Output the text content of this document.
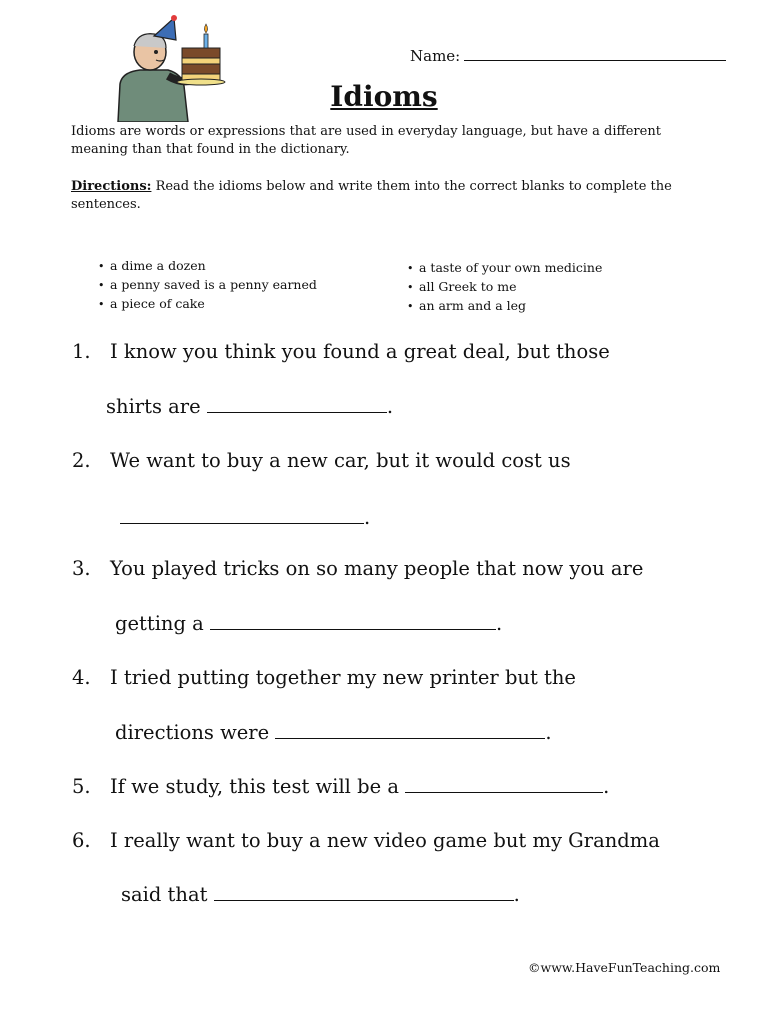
Name:
Idioms
Idioms are words or expressions that are used in everyday language, but have a different meaning than that found in the dictionary.
Directions: Read the idioms below and write them into the correct blanks to complete the sentences.
• a dime a dozen
• a penny saved is a penny earned
• a piece of cake
• a taste of your own medicine
• all Greek to me
• an arm and a leg
1. I know you think you found a great deal, but those
shirts are	.
2. We want to buy a new car, but it would cost us
.
3. You played tricks on so many people that now you are
getting a	.
4. I tried putting together my new printer but the
directions were	.
5. If we study, this test will be a	.
6. I really want to buy a new video game but my Grandma
said that	.
©www.HaveFunTeaching.com
